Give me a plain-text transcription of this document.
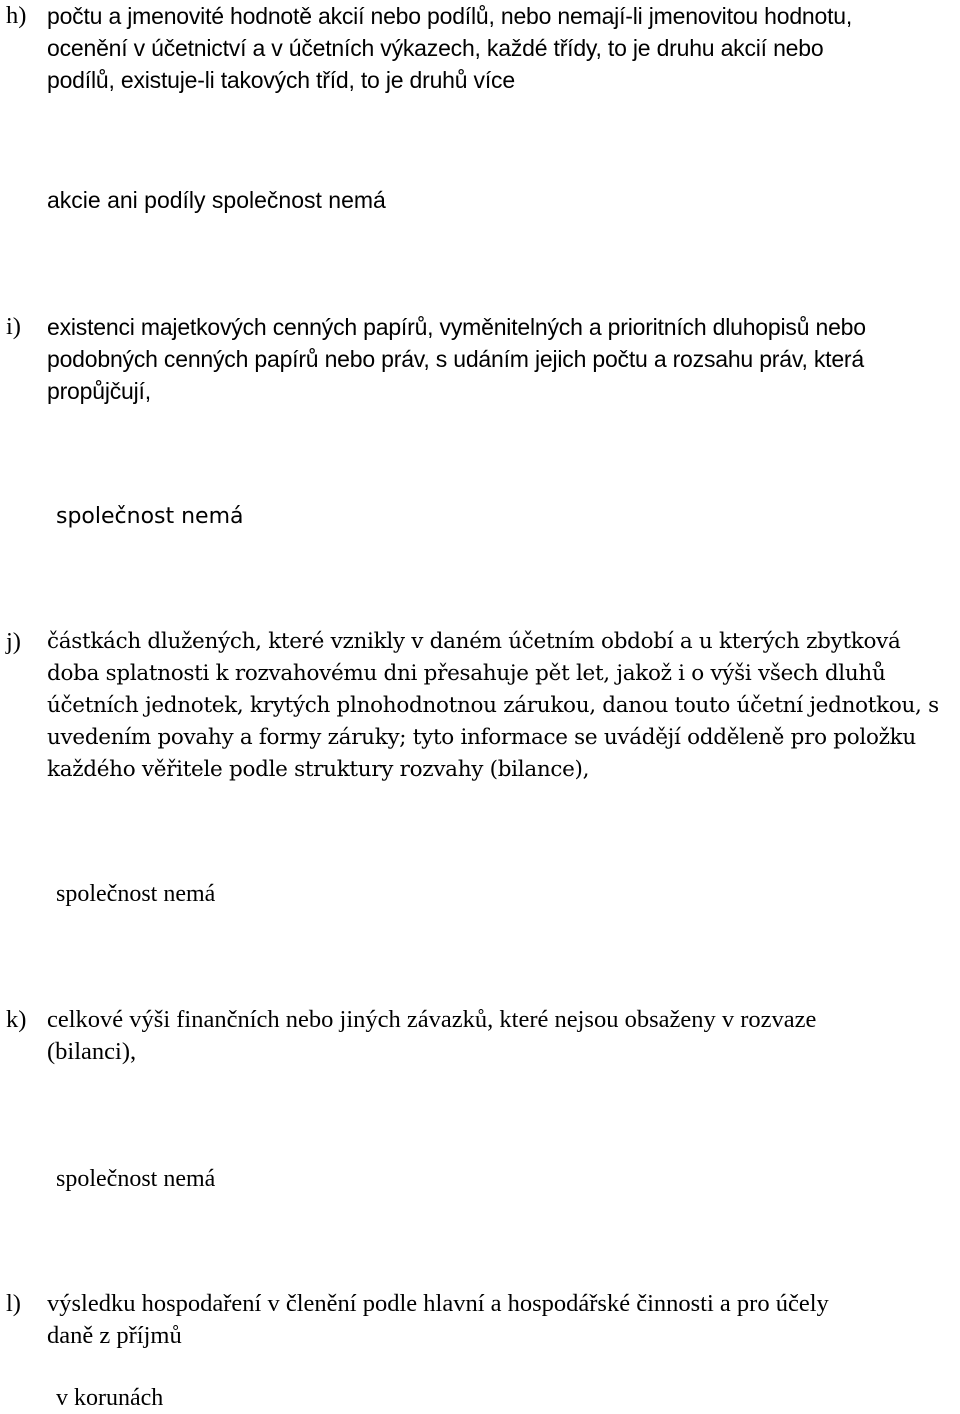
h) počtu a jmenovité hodnotě akcií nebo podílů, nebo nemají-li jmenovitou hodnotu,
ocenění v účetnictví a v účetních výkazech, každé třídy, to je druhu akcií nebo
podílů, existuje-li takových tříd, to je druhů více
akcie ani podíly společnost nemá
i) existenci majetkových cenných papírů, vyměnitelných a prioritních dluhopisů nebo
podobných cenných papírů nebo práv, s udáním jejich počtu a rozsahu práv, která
propůjčují,
společnost nemá
j) částkách dlužených, které vznikly v daném účetním období a u kterých zbytková
doba splatnosti k rozvahovému dni přesahuje pět let, jakož i o výši všech dluhů
účetních jednotek, krytých plnohodnotnou zárukou, danou touto účetní jednotkou, s
uvedením povahy a formy záruky; tyto informace se uvádějí odděleně pro položku
každého věřitele podle struktury rozvahy (bilance),
společnost nemá
k) celkové výši finančních nebo jiných závazků, které nejsou obsaženy v rozvaze
(bilanci),
společnost nemá
l) výsledku hospodaření v členění podle hlavní a hospodářské činnosti a pro účely
daně z příjmů
v korunách
